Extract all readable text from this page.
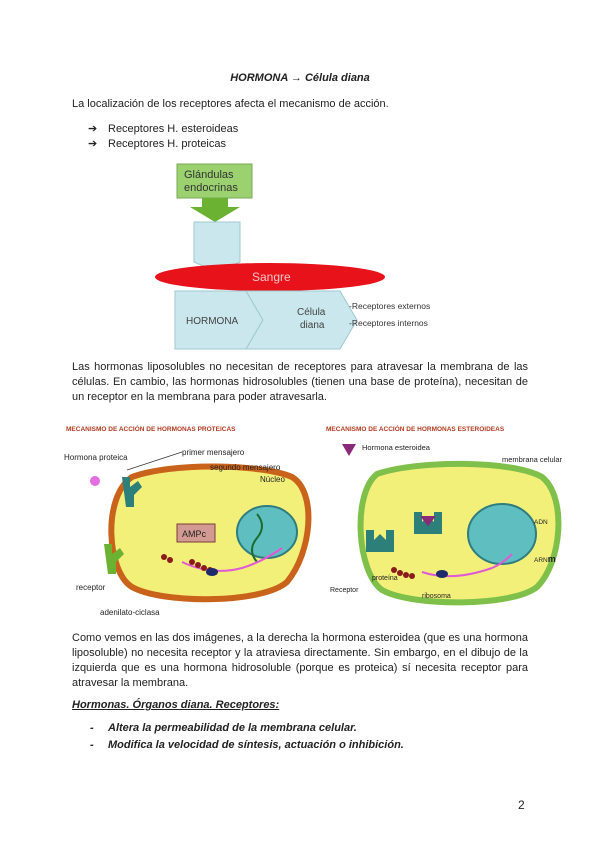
HORMONA → Célula diana
La localización de los receptores afecta el mecanismo de acción.
➔ Receptores H. esteroideas
➔ Receptores H. proteicas
Glándulas
endocrinas
Sangre
HORMONA
Célula
diana
-Receptores externos
-Receptores internos
Las hormonas liposolubles no necesitan de receptores para atravesar la membrana de las células. En cambio, las hormonas hidrosolubles (tienen una base de proteína), necesitan de un receptor en la membrana para poder atravesarla.
MECANISMO DE ACCIÓN DE HORMONAS PROTEICAS
Hormona proteica
primer mensajero
segundo mensajero
Núcleo
AMPc
receptor
adenilato-ciclasa
MECANISMO DE ACCIÓN DE HORMONAS ESTEROIDEAS
Hormona esteroidea
membrana celular
ADN
ARNm
proteína
Receptor
ribosoma
Como vemos en las dos imágenes, a la derecha la hormona esteroidea (que es una hormona liposoluble) no necesita receptor y la atraviesa directamente. Sin embargo, en el dibujo de la izquierda que es una hormona hidrosoluble (porque es proteica) sí necesita receptor para atravesar la membrana.
Hormonas. Órganos diana. Receptores:
- Altera la permeabilidad de la membrana celular.
- Modifica la velocidad de síntesis, actuación o inhibición.
2
